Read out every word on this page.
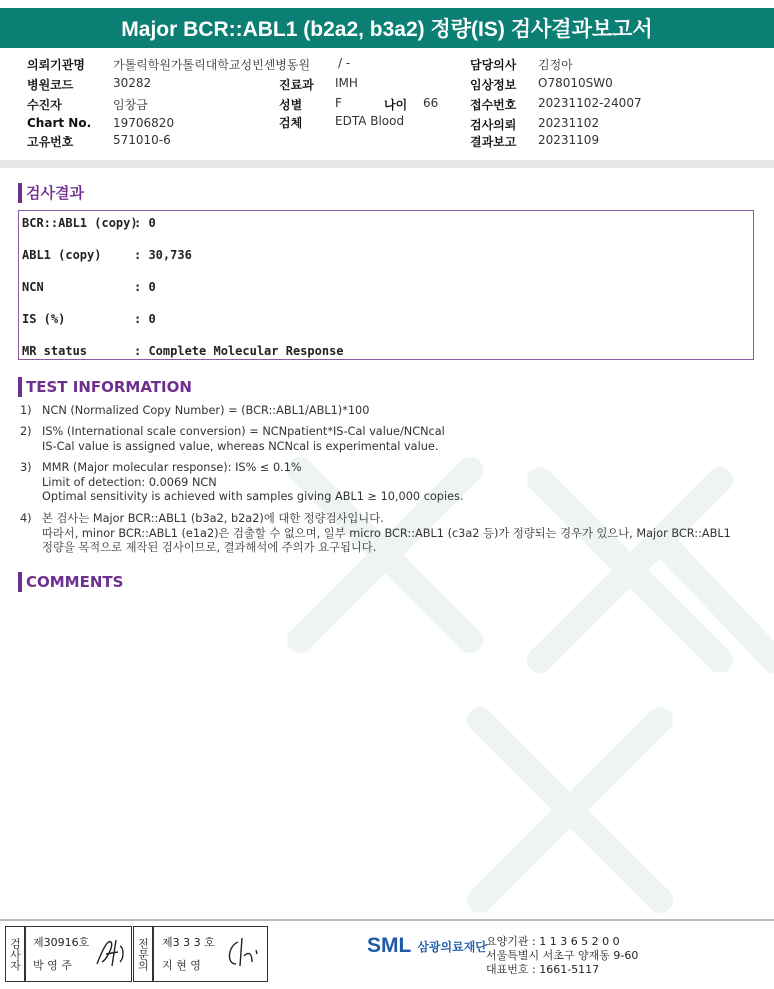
Major BCR::ABL1 (b2a2, b3a2) 정량(IS) 검사결과보고서
의뢰기관명 가톨릭학원가톨릭대학교성빈센병동원 / -
병원코드	30282
수진자	임창금
Chart No. 19706820
고유번호	571010-6
진료과 IMH
성별	F	나이 66
검체	EDTA Blood
담당의사 김정아
임상정보 O78010SW0
접수번호 20231102-24007
검사의뢰 20231102
결과보고 20231109
검사결과
BCR::ABL1 (copy): 0
ABL1 (copy)	: 30,736
NCN	: 0
IS (%)	: 0
MR status	: Complete Molecular Response
TEST INFORMATION
1) NCN (Normalized Copy Number) = (BCR::ABL1/ABL1)*100
2) IS% (International scale conversion) = NCNpatient*IS-Cal value/NCNcal
IS-Cal value is assigned value, whereas NCNcal is experimental value.
3) MMR (Major molecular response): IS% ≤ 0.1%
Limit of detection: 0.0069 NCN
Optimal sensitivity is achieved with samples giving ABL1 ≥ 10,000 copies.
4) 본 검사는 Major BCR::ABL1 (b3a2, b2a2)에 대한 정량검사입니다.
따라서, minor BCR::ABL1 (e1a2)은 검출할 수 없으며, 일부 micro BCR::ABL1 (c3a2 등)가 정량되는 경우가 있으나, Major BCR::ABL1
정량을 목적으로 제작된 검사이므로, 결과해석에 주의가 요구됩니다.
COMMENTS
검사자 제30916호
박 영 주	전문의 제3 3 3 호
지 현 영
SML 삼광의료재단 요양기관 : 1 1 3 6 5 2 0 0
서울특별시 서초구 양재동 9-60
대표번호 : 1661-5117
